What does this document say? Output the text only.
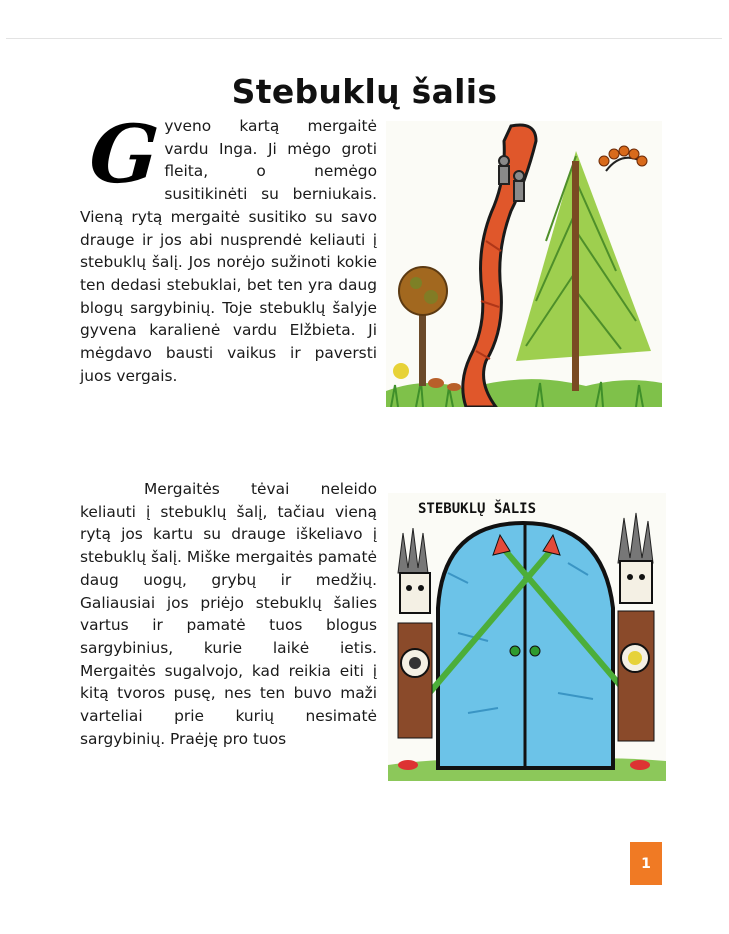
Stebuklų šalis

Gyveno kartą mergaitė vardu Inga. Ji mėgo groti fleita, o nemėgo susitikinėti su berniukais. Vieną rytą mergaitė susitiko su savo drauge ir jos abi nusprendė keliauti į stebuklų šalį. Jos norėjo sužinoti kokie ten dedasi stebuklai, bet ten yra daug blogų sargybinių. Toje stebuklų šalyje gyvena karalienė vardu Elžbieta. Ji mėgdavo bausti vaikus ir paversti juos vergais.

Mergaitės tėvai neleido keliauti į stebuklų šalį, tačiau vieną rytą jos kartu su drauge iškeliavo į stebuklų šalį. Miške mergaitės pamatė daug uogų, grybų ir medžių. Galiausiai jos priėjo stebuklų šalies vartus ir pamatė tuos blogus sargybinius, kurie laikė ietis. Mergaitės sugalvojo, kad reikia eiti į kitą tvoros pusę, nes ten buvo maži varteliai prie kurių nesimatė sargybinių. Praėję pro tuos

STEBUKLŲ ŠALIS
1
